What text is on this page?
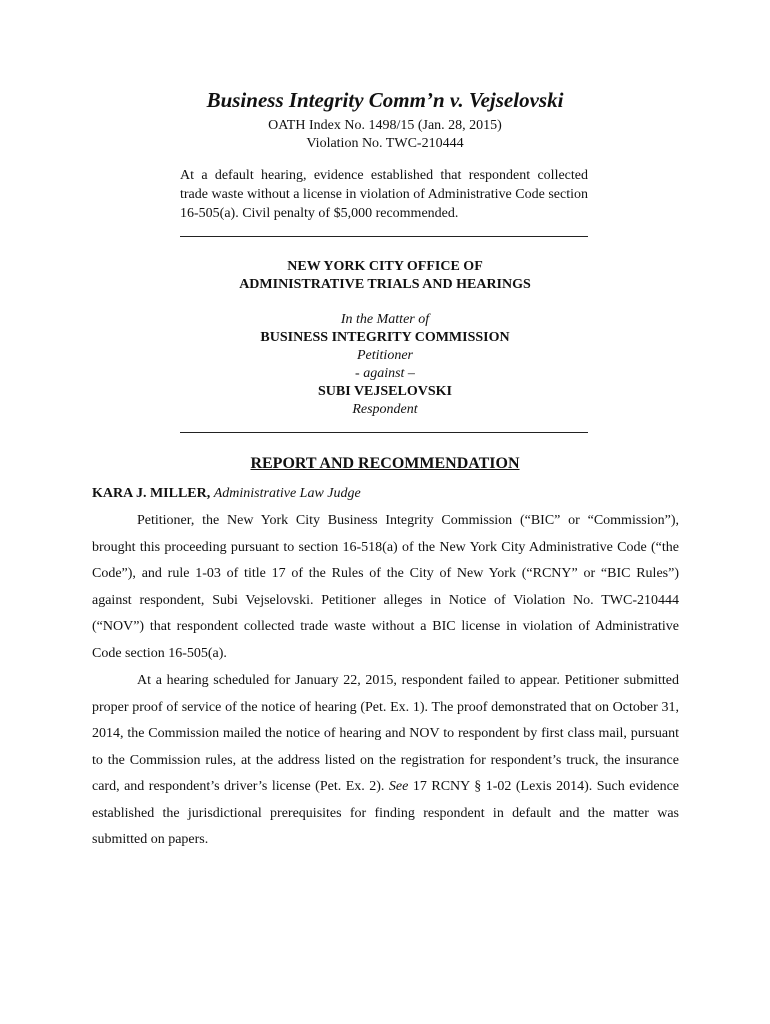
Business Integrity Comm’n v. Vejselovski
OATH Index No. 1498/15 (Jan. 28, 2015)
Violation No. TWC-210444
At a default hearing, evidence established that respondent collected trade waste without a license in violation of Administrative Code section 16-505(a). Civil penalty of $5,000 recommended.
NEW YORK CITY OFFICE OF
ADMINISTRATIVE TRIALS AND HEARINGS
In the Matter of
BUSINESS INTEGRITY COMMISSION
Petitioner
- against –
SUBI VEJSELOVSKI
Respondent
REPORT AND RECOMMENDATION
KARA J. MILLER, Administrative Law Judge

Petitioner, the New York City Business Integrity Commission (“BIC” or “Commission”), brought this proceeding pursuant to section 16-518(a) of the New York City Administrative Code (“the Code”), and rule 1-03 of title 17 of the Rules of the City of New York (“RCNY” or “BIC Rules”) against respondent, Subi Vejselovski. Petitioner alleges in Notice of Violation No. TWC-210444 (“NOV”) that respondent collected trade waste without a BIC license in violation of Administrative Code section 16-505(a).

At a hearing scheduled for January 22, 2015, respondent failed to appear. Petitioner submitted proper proof of service of the notice of hearing (Pet. Ex. 1). The proof demonstrated that on October 31, 2014, the Commission mailed the notice of hearing and NOV to respondent by first class mail, pursuant to the Commission rules, at the address listed on the registration for respondent’s truck, the insurance card, and respondent’s driver’s license (Pet. Ex. 2). See 17 RCNY § 1-02 (Lexis 2014). Such evidence established the jurisdictional prerequisites for finding respondent in default and the matter was submitted on papers.
